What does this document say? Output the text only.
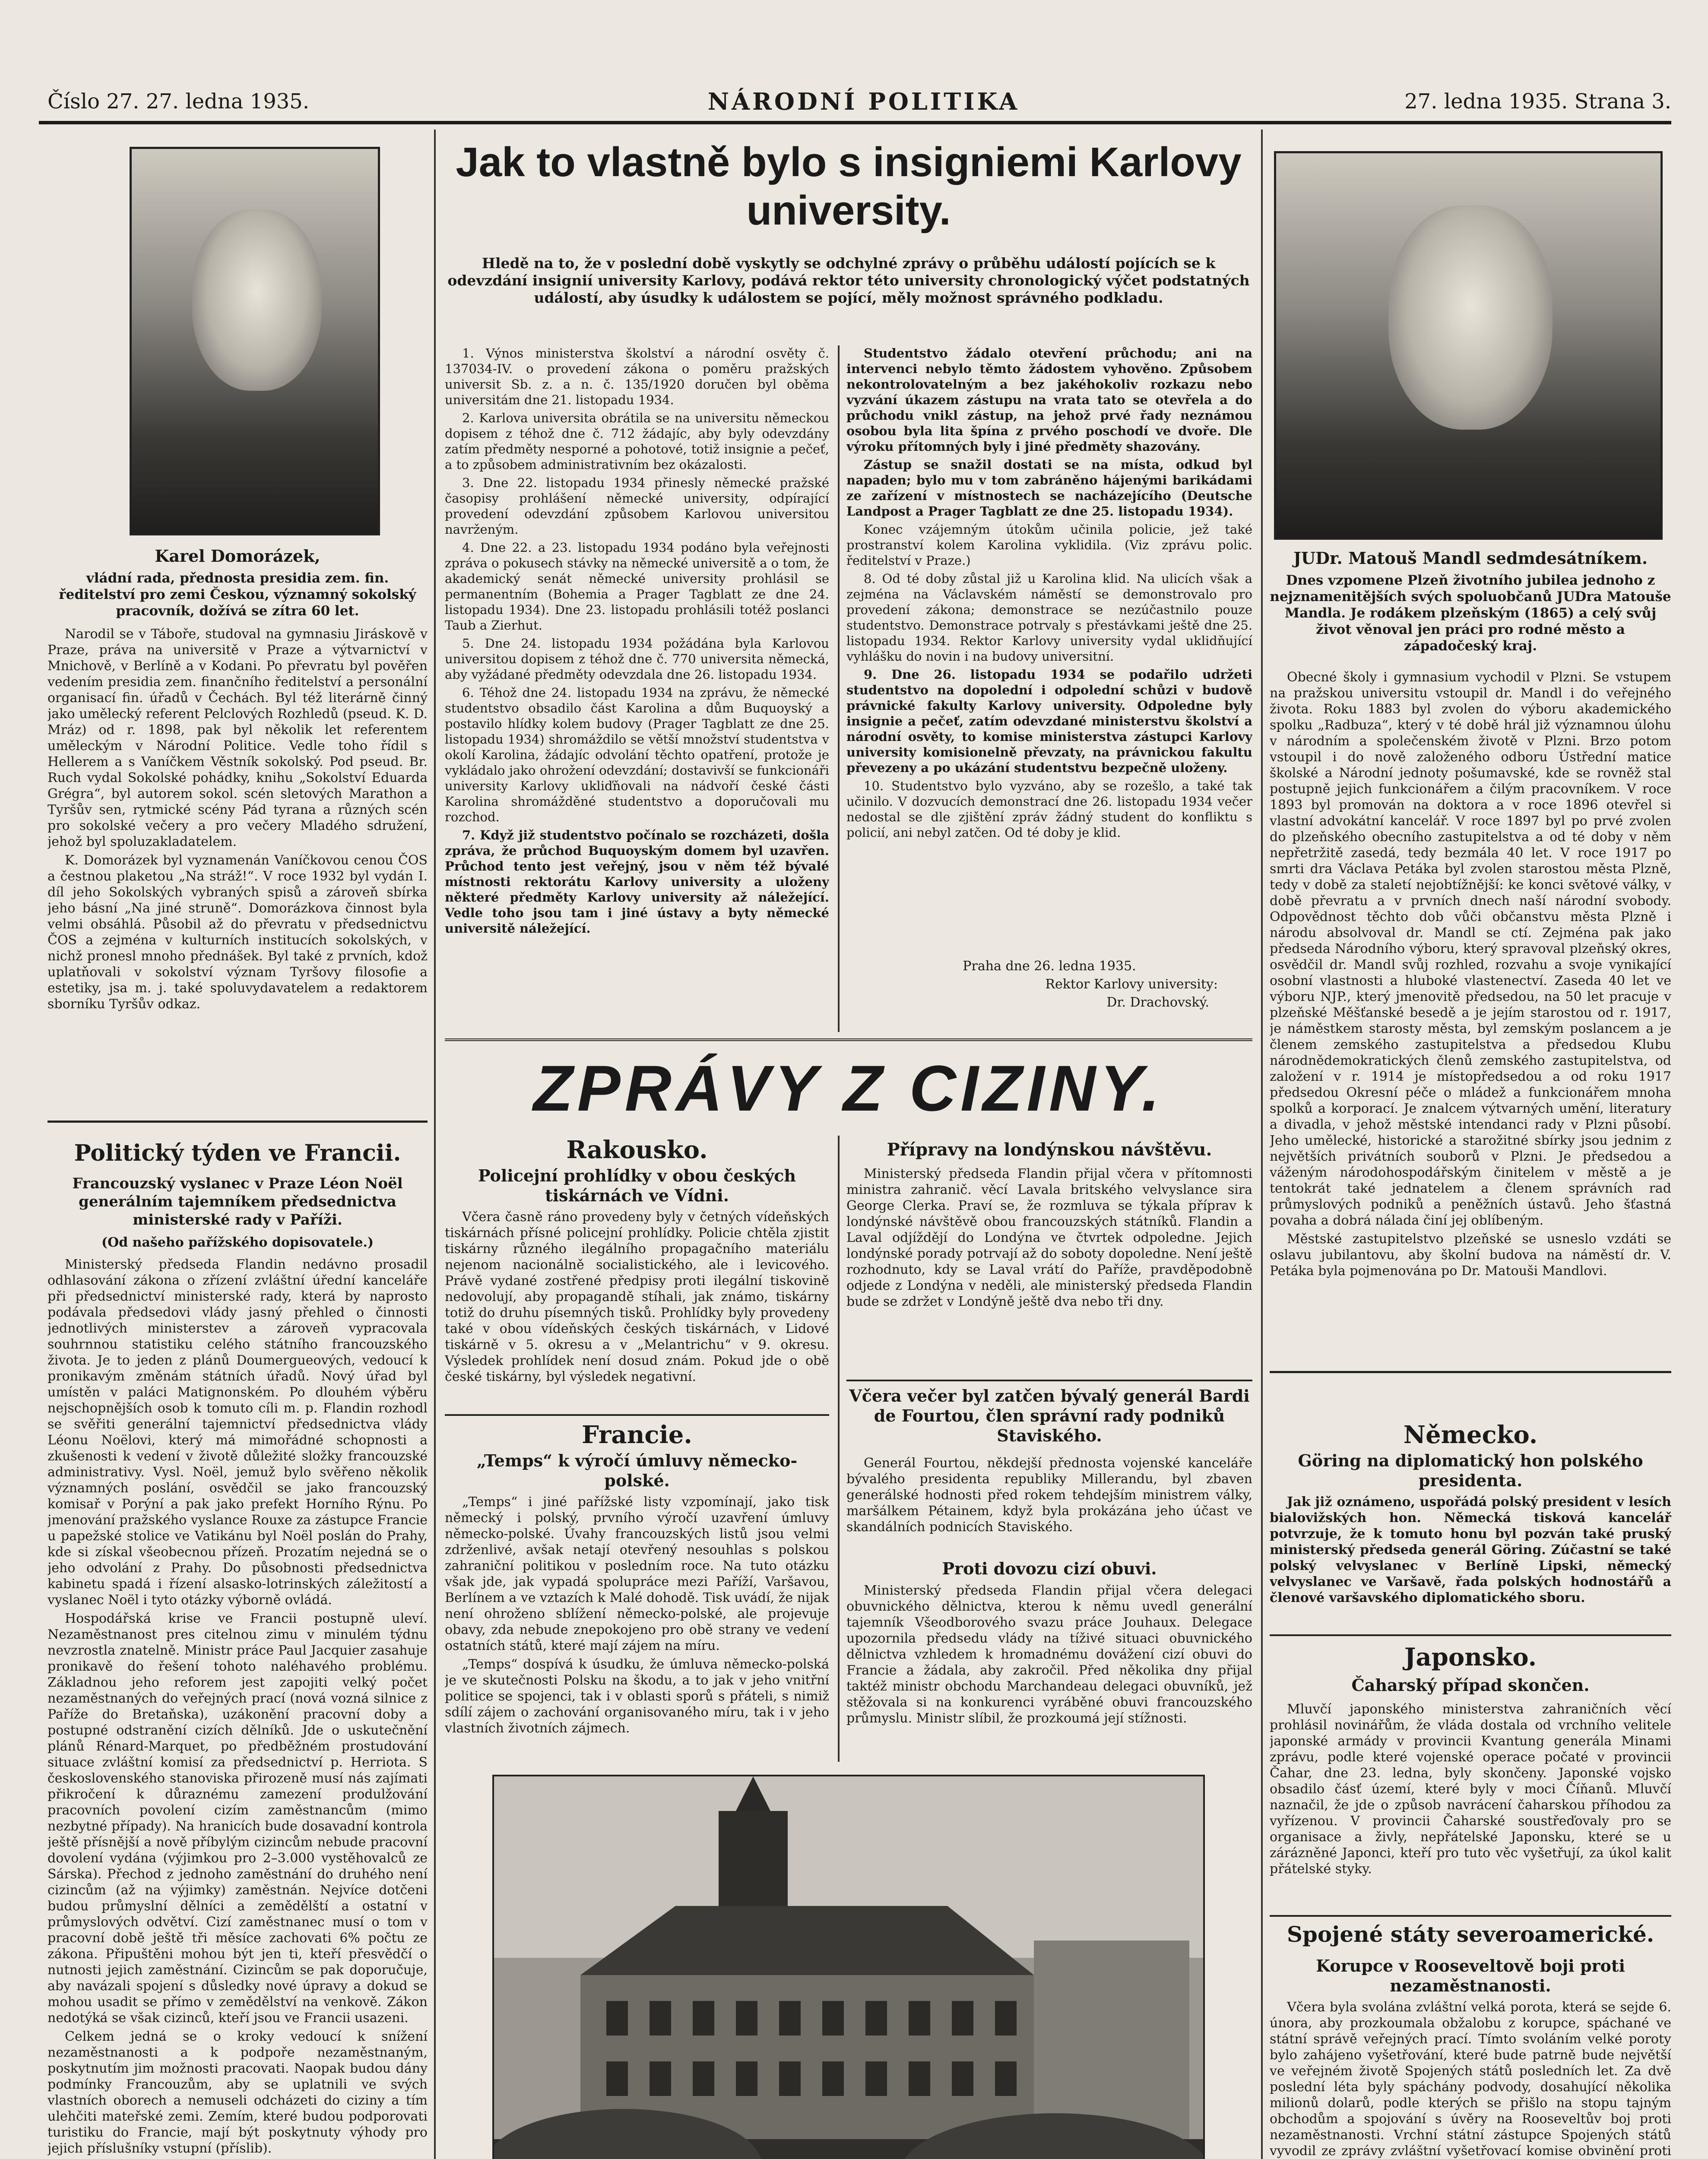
Číslo 27. 27. ledna 1935.	NÁRODNÍ POLITIKA	27. ledna 1935. Strana 3.
Karel Domorázek,
vládní rada, přednosta presidia zem. fin. ředitelství pro zemi Českou, významný sokolský pracovník, dožívá se zítra 60 let.

Narodil se v Táboře, studoval na gymnasiu Jiráskově v Praze, práva na universitě v Praze a výtvarnictví v Mnichově, v Berlíně a v Kodani. Po převratu byl pověřen vedením presidia zem. finančního ředitelství a personální organisací fin. úřadů v Čechách. Byl též literárně činný jako umělecký referent Pelclových Rozhledů (pseud. K. D. Mráz) od r. 1898, pak byl několik let referentem uměleckým v Národní Politice. Vedle toho řídil s Hellerem a s Vaníčkem Věstník sokolský. Pod pseud. Br. Ruch vydal Sokolské pohádky, knihu „Sokolství Eduarda Grégra“, byl autorem sokol. scén sletových Marathon a Tyršův sen, rytmické scény Pád tyrana a různých scén pro sokolské večery a pro večery Mladého sdružení, jehož byl spoluzakladatelem.

K. Domorázek byl vyznamenán Vaníčkovou cenou ČOS a čestnou plaketou „Na stráž!“. V roce 1932 byl vydán I. díl jeho Sokolských vybraných spisů a zároveň sbírka jeho básní „Na jiné struně“. Domorázkova činnost byla velmi obsáhlá. Působil až do převratu v předsednictvu ČOS a zejména v kulturních institucích sokolských, v nichž pronesl mnoho přednášek. Byl také z prvních, kdož uplatňovali v sokolství význam Tyršovy filosofie a estetiky, jsa m. j. také spoluvydavatelem a redaktorem sborníku Tyršův odkaz.

Politický týden ve Francii.
Francouzský vyslanec v Praze Léon Noël generálním tajemníkem předsednictva ministerské rady v Paříži.
(Od našeho pařížského dopisovatele.)

Ministerský předseda Flandin nedávno prosadil odhlasování zákona o zřízení zvláštní úřední kanceláře při předsednictví ministerské rady, která by naprosto podávala předsedovi vlády jasný přehled o činnosti jednotlivých ministerstev a zároveň vypracovala souhrnnou statistiku celého státního francouzského života. Je to jeden z plánů Doumergueových, vedoucí k pronikavým změnám státních úřadů. Nový úřad byl umístěn v paláci Matignonském. Po dlouhém výběru nejschopnějších osob k tomuto cíli m. p. Flandin rozhodl se svěřiti generální tajemnictví předsednictva vlády Léonu Noëlovi, který má mimořádné schopnosti a zkušenosti k vedení v životě důležité složky francouzské administrativy. Vysl. Noël, jemuž bylo svěřeno několik významných poslání, osvědčil se jako francouzský komisař v Porýní a pak jako prefekt Horního Rýnu. Po jmenování pražského vyslance Rouxe za zástupce Francie u papežské stolice ve Vatikánu byl Noël poslán do Prahy, kde si získal všeobecnou přízeň. Prozatím nejedná se o jeho odvolání z Prahy. Do působnosti předsednictva kabinetu spadá i řízení alsasko-lotrinských záležitostí a vyslanec Noël i tyto otázky výborně ovládá.

Hospodářská krise ve Francii postupně uleví. Nezaměstnanost pres citelnou zimu v minulém týdnu nevzrostla znatelně. Ministr práce Paul Jacquier zasahuje pronikavě do řešení tohoto naléhavého problému. Základnou jeho reforem jest zapojiti velký počet nezaměstnaných do veřejných prací (nová vozná silnice z Paříže do Bretaňska), uzákonění pracovní doby a postupné odstranění cizích dělníků. Jde o uskutečnění plánů Rénard-Marquet, po předběžném prostudování situace zvláštní komisí za předsednictví p. Herriota. S československého stanoviska přirozeně musí nás zajímati přikročení k důraznému zamezení produlžování pracovních povolení cizím zaměstnancům (mimo nezbytné případy). Na hranicích bude dosavadní kontrola ještě přísnější a nově příbylým cizincům nebude pracovní dovolení vydána (výjimkou pro 2–3.000 vystěhovalců ze Sárska). Přechod z jednoho zaměstnání do druhého není cizincům (až na výjimky) zaměstnán. Nejvíce dotčeni budou průmyslní dělníci a zemědělští a ostatní v průmyslových odvětví. Cizí zaměstnanec musí o tom v pracovní době ještě tři měsíce zachovati 6% počtu ze zákona. Připuštěni mohou být jen ti, kteří přesvědčí o nutnosti jejich zaměstnání. Cizincům se pak doporučuje, aby navázali spojení s důsledky nové úpravy a dokud se mohou usadit se přímo v zemědělství na venkově. Zákon nedotýká se však cizinců, kteří jsou ve Francii usazeni.

Celkem jedná se o kroky vedoucí k snížení nezaměstnanosti a k podpoře nezaměstnaným, poskytnutím jim možnosti pracovati. Naopak budou dány podmínky Francouzům, aby se uplatnili ve svých vlastních oborech a nemuseli odcházeti do ciziny a tím ulehčiti mateřské zemi. Zemím, které budou podporovati turistiku do Francie, mají být poskytnuty výhody pro jejich příslušníky vstupní (příslib).

Jak to vlastně bylo s insigniemi Karlovy university.
Hledě na to, že v poslední době vyskytly se odchylné zprávy o průběhu událostí pojících se k odevzdání insignií university Karlovy, podává rektor této university chronologický výčet podstatných událostí, aby úsudky k událostem se pojící, měly možnost správného podkladu.

1. Výnos ministerstva školství a národní osvěty č. 137034-IV. o provedení zákona o poměru pražských universit Sb. z. a n. č. 135/1920 doručen byl oběma universitám dne 21. listopadu 1934.

2. Karlova universita obrátila se na universitu německou dopisem z téhož dne č. 712 žádajíc, aby byly odevzdány zatím předměty nesporné a pohotové, totiž insignie a pečeť, a to způsobem administrativním bez okázalosti.

3. Dne 22. listopadu 1934 přinesly německé pražské časopisy prohlášení německé university, odpírající provedení odevzdání způsobem Karlovou universitou navrženým.

4. Dne 22. a 23. listopadu 1934 podáno byla veřejnosti zpráva o pokusech stávky na německé universitě a o tom, že akademický senát německé university prohlásil se permanentním (Bohemia a Prager Tagblatt ze dne 24. listopadu 1934). Dne 23. listopadu prohlásili totéž poslanci Taub a Zierhut.

5. Dne 24. listopadu 1934 požádána byla Karlovou universitou dopisem z téhož dne č. 770 universita německá, aby vyžádané předměty odevzdala dne 26. listopadu 1934.

6. Téhož dne 24. listopadu 1934 na zprávu, že německé studentstvo obsadilo část Karolina a dům Buquoyský a postavilo hlídky kolem budovy (Prager Tagblatt ze dne 25. listopadu 1934) shromáždilo se větší množství studentstva v okolí Karolina, žádajíc odvolání těchto opatření, protože je vykládalo jako ohrožení odevzdání; dostavivší se funkcionáři university Karlovy ukliďňovali na nádvoří české části Karolina shromážděné studentstvo a doporučovali mu rozchod.

7. Když již studentstvo počínalo se rozcházeti, došla zpráva, že průchod Buquoyským domem byl uzavřen. Průchod tento jest veřejný, jsou v něm též bývalé místnosti rektorátu Karlovy university a uloženy některé předměty Karlovy university až náležející. Vedle toho jsou tam i jiné ústavy a byty německé universitě náležející.

Studentstvo žádalo otevření průchodu; ani na intervenci nebylo těmto žádostem vyhověno. Způsobem nekontrolovatelným a bez jakéhokoliv rozkazu nebo vyzvání úkazem zástupu na vrata tato se otevřela a do průchodu vnikl zástup, na jehož prvé řady neznámou osobou byla lita špína z prvého poschodí ve dvoře. Dle výroku přítomných byly i jiné předměty shazovány.

Zástup se snažil dostati se na místa, odkud byl napaden; bylo mu v tom zabráněno hájenými barikádami ze zařízení v místnostech se nacházejícího (Deutsche Landpost a Prager Tagblatt ze dne 25. listopadu 1934).

Konec vzájemným útokům učinila policie, jež také prostranství kolem Karolina vyklidila. (Viz zprávu polic. ředitelství v Praze.)

8. Od té doby zůstal již u Karolina klid. Na ulicích však a zejména na Václavském náměstí se demonstrovalo pro provedení zákona; demonstrace se nezúčastnilo pouze studentstvo. Demonstrace potrvaly s přestávkami ještě dne 25. listopadu 1934. Rektor Karlovy university vydal uklidňující vyhlášku do novin i na budovy universitní.

9. Dne 26. listopadu 1934 se podařilo udržeti studentstvo na dopolední i odpolední schůzi v budově právnické fakulty Karlovy university. Odpoledne byly insignie a pečeť, zatím odevzdané ministerstvu školství a národní osvěty, to komise ministerstva zástupci Karlovy university komisionelně převzaty, na právnickou fakultu převezeny a po ukázání studentstvu bezpečně uloženy.

10. Studentstvo bylo vyzváno, aby se rozešlo, a také tak učinilo. V dozvucích demonstrací dne 26. listopadu 1934 večer nedostal se dle zjištění zpráv žádný student do konfliktu s policií, ani nebyl zatčen. Od té doby je klid.

Praha dne 26. ledna 1935.
Rektor Karlovy university:
Dr. Drachovský.
JUDr. Matouš Mandl sedmdesátníkem.
Dnes vzpomene Plzeň životního jubilea jednoho z nejznamenitějších svých spoluobčanů JUDra Matouše Mandla. Je rodákem plzeňským (1865) a celý svůj život věnoval jen práci pro rodné město a západočeský kraj.

Obecné školy i gymnasium vychodil v Plzni. Se vstupem na pražskou universitu vstoupil dr. Mandl i do veřejného života. Roku 1883 byl zvolen do výboru akademického spolku „Radbuza“, který v té době hrál již významnou úlohu v národním a společenském životě v Plzni. Brzo potom vstoupil i do nově založeného odboru Ústřední matice školské a Národní jednoty pošumavské, kde se rovněž stal postupně jejich funkcionářem a čilým pracovníkem. V roce 1893 byl promován na doktora a v roce 1896 otevřel si vlastní advokátní kancelář. V roce 1897 byl po prvé zvolen do plzeňského obecního zastupitelstva a od té doby v něm nepřetržitě zasedá, tedy bezmála 40 let. V roce 1917 po smrti dra Václava Petáka byl zvolen starostou města Plzně, tedy v době za staletí nejobtížnější: ke konci světové války, v době převratu a v prvních dnech naší národní svobody. Odpovědnost těchto dob vůči občanstvu města Plzně i národu absolvoval dr. Mandl se ctí. Zejména pak jako předseda Národního výboru, který spravoval plzeňský okres, osvědčil dr. Mandl svůj rozhled, rozvahu a svoje vynikající osobní vlastnosti a hluboké vlastenectví. Zaseda 40 let ve výboru NJP., který jmenovitě předsedou, na 50 let pracuje v plzeňské Měšťanské besedě a je jejím starostou od r. 1917, je náměstkem starosty města, byl zemským poslancem a je členem zemského zastupitelstva a předsedou Klubu národnědemokratických členů zemského zastupitelstva, od založení v r. 1914 je místopředsedou a od roku 1917 předsedou Okresní péče o mládež a funkcionářem mnoha spolků a korporací. Je znalcem výtvarných umění, literatury a divadla, v jehož městské intendanci rady v Plzni působí. Jeho umělecké, historické a starožitné sbírky jsou jednim z největších privátních souborů v Plzni. Je předsedou a váženým národohospodářským činitelem v městě a je tentokrát také jednatelem a členem správních rad průmyslových podniků a peněžních ústavů. Jeho šťastná povaha a dobrá nálada činí jej oblíbeným.

Městské zastupitelstvo plzeňské se usneslo vzdáti se oslavu jubilantovu, aby školní budova na náměstí dr. V. Petáka byla pojmenována po Dr. Matouši Mandlovi.

ZPRÁVY Z CIZINY.
Rakousko.
Policejní prohlídky v obou českých tiskárnách ve Vídni.

Včera časně ráno provedeny byly v četných vídeňských tiskárnách přísné policejní prohlídky. Policie chtěla zjistit tiskárny různého ilegálního propagačního materiálu nejenom nacionálně socialistického, ale i levicového. Právě vydané zostřené předpisy proti ilegální tiskovině nedovolují, aby propagandě stíhali, jak známo, tiskárny totiž do druhu písemných tisků. Prohlídky byly provedeny také v obou vídeňských českých tiskárnách, v Lidové tiskárně v 5. okresu a v „Melantrichu“ v 9. okresu. Výsledek prohlídek není dosud znám. Pokud jde o obě české tiskárny, byl výsledek negativní.

Francie.
„Temps“ k výročí úmluvy německo-polské.

„Temps“ i jiné pařížské listy vzpomínají, jako tisk německý i polský, prvního výročí uzavření úmluvy německo-polské. Úvahy francouzských listů jsou velmi zdrženlivé, avšak netají otevřený nesouhlas s polskou zahraniční politikou v posledním roce. Na tuto otázku však jde, jak vypadá spolupráce mezi Paříží, Varšavou, Berlínem a ve vztazích k Malé dohodě. Tisk uvádí, že nijak není ohroženo sblížení německo-polské, ale projevuje obavy, zda nebude znepokojeno pro obě strany ve vedení ostatních států, které mají zájem na míru.

„Temps“ dospívá k úsudku, že úmluva německo-polská je ve skutečnosti Polsku na škodu, a to jak v jeho vnitřní politice se spojenci, tak i v oblasti sporů s přáteli, s nimiž sdílí zájem o zachování organisovaného míru, tak i v jeho vlastních životních zájmech.

Přípravy na londýnskou návštěvu.

Ministerský předseda Flandin přijal včera v přítomnosti ministra zahranič. věcí Lavala britského velvyslance sira George Clerka. Praví se, že rozmluva se týkala příprav k londýnské návštěvě obou francouzských státníků. Flandin a Laval odjíždějí do Londýna ve čtvrtek odpoledne. Jejich londýnské porady potrvají až do soboty dopoledne. Není ještě rozhodnuto, kdy se Laval vrátí do Paříže, pravděpodobně odjede z Londýna v neděli, ale ministerský předseda Flandin bude se zdržet v Londýně ještě dva nebo tři dny.

Včera večer byl zatčen bývalý generál Bardi de Fourtou, člen správní rady podniků Staviského.

Generál Fourtou, někdejší přednosta vojenské kanceláře bývalého presidenta republiky Millerandu, byl zbaven generálské hodnosti před rokem tehdejším ministrem války, maršálkem Pétainem, když byla prokázána jeho účast ve skandálních podnicích Staviského.

Proti dovozu cizí obuvi.

Ministerský předseda Flandin přijal včera delegaci obuvnického dělnictva, kterou k němu uvedl generální tajemník Všeodborového svazu práce Jouhaux. Delegace upozornila předsedu vlády na tíživé situaci obuvnického dělnictva vzhledem k hromadnému dovážení cizí obuvi do Francie a žádala, aby zakročil. Před několika dny přijal taktéž ministr obchodu Marchandeau delegaci obuvníků, jež stěžovala si na konkurenci vyráběné obuvi francouzského průmyslu. Ministr slíbil, že prozkoumá její stížnosti.

Německo.
Göring na diplomatický hon polského presidenta.

Jak již oznámeno, uspořádá polský president v lesích bialovižských hon. Německá tisková kancelář potvrzuje, že k tomuto honu byl pozván také pruský ministerský předseda generál Göring. Zúčastní se také polský velvyslanec v Berlíně Lipski, německý velvyslanec ve Varšavě, řada polských hodnostářů a členové varšavského diplomatického sboru.

Japonsko.
Čaharský případ skončen.

Mluvčí japonského ministerstva zahraničních věcí prohlásil novinářům, že vláda dostala od vrchního velitele japonské armády v provincii Kvantung generála Minami zprávu, podle které vojenské operace počaté v provincii Čahar, dne 23. ledna, byly skončeny. Japonské vojsko obsadilo čásť území, které byly v moci Číňanů. Mluvčí naznačil, že jde o způsob navrácení čaharskou příhodou za vyřízenou. V provincii Čaharské soustřeďovaly pro se organisace a živly, nepřátelské Japonsku, které se u zárázněné Japonci, kteří pro tuto věc vyšetřují, za úkol kalit přátelské styky.

Spojené státy severoamerické.
Korupce v Rooseveltově boji proti nezaměstnanosti.

Včera byla svolána zvláštní velká porota, která se sejde 6. února, aby prozkoumala obžalobu z korupce, spáchané ve státní správě veřejných prací. Tímto svoláním velké poroty bylo zahájeno vyšetřování, které bude patrně bude největší ve veřejném životě Spojených států posledních let. Za dvě poslední léta byly spáchány podvody, dosahující několika milionů dolarů, podle kterých se přišlo na stopu tajným obchodům a spojování s úvěry na Rooseveltův boj proti nezaměstnanosti. Vrchní státní zástupce Spojených států vyvodil ze zprávy zvláštní vyšetřovací komise obvinění proti
